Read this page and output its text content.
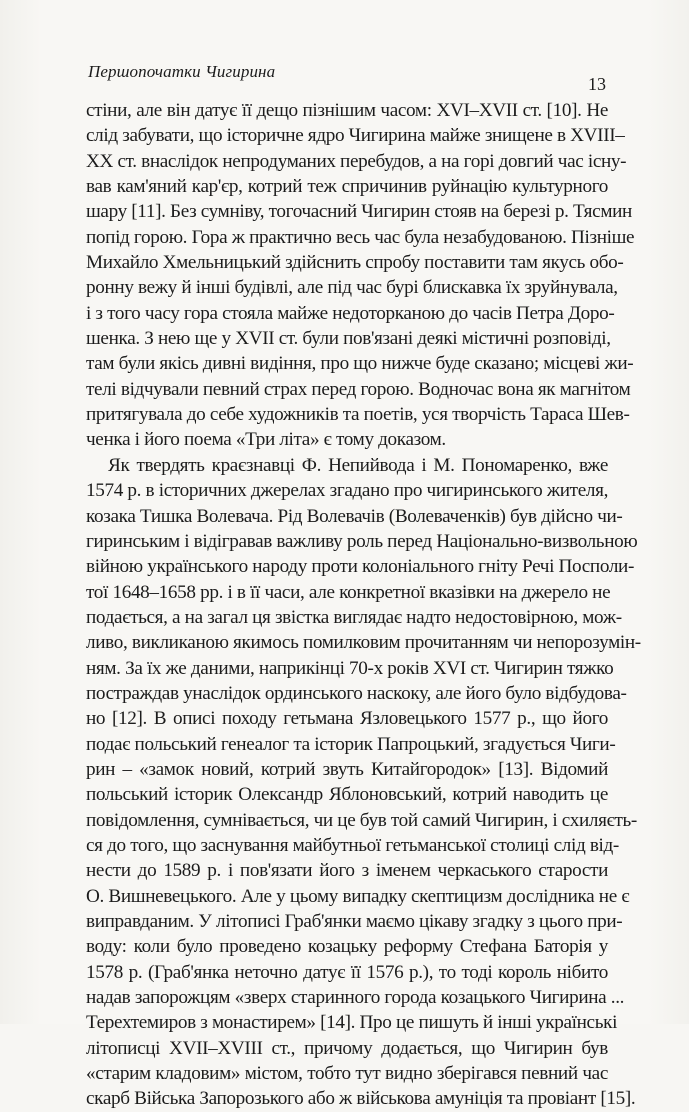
Першопочатки Чигирина
13
стіни, але він датує її дещо пізнішим часом: XVI–XVII ст. [10]. Не
слід забувати, що історичне ядро Чигирина майже знищене в XVIII–
XX ст. внаслідок непродуманих перебудов, а на горі довгий час існу-
вав кам'яний кар'єр, котрий теж спричинив руйнацію культурного
шару [11]. Без сумніву, тогочасний Чигирин стояв на березі р. Тясмин
попід горою. Гора ж практично весь час була незабудованою. Пізніше
Михайло Хмельницький здійснить спробу поставити там якусь обо-
ронну вежу й інші будівлі, але під час бурі блискавка їх зруйнувала,
і з того часу гора стояла майже недоторканою до часів Петра Доро-
шенка. З нею ще у XVII ст. були пов'язані деякі містичні розповіді,
там були якісь дивні видіння, про що нижче буде сказано; місцеві жи-
телі відчували певний страх перед горою. Водночас вона як магнітом
притягувала до себе художників та поетів, уся творчість Тараса Шев-
ченка і його поема «Три літа» є тому доказом.
Як твердять краєзнавці Ф. Непийвода і М. Пономаренко, вже
1574 р. в історичних джерелах згадано про чигиринського жителя,
козака Тишка Волевача. Рід Волевачів (Волеваченків) був дійсно чи-
гиринським і відігравав важливу роль перед Національно-визвольною
війною українського народу проти колоніального гніту Речі Посполи-
тої 1648–1658 рр. і в її часи, але конкретної вказівки на джерело не
подається, а на загал ця звістка виглядає надто недостовірною, мож-
ливо, викликаною якимось помилковим прочитанням чи непорозумін-
ням. За їх же даними, наприкінці 70-х років XVI ст. Чигирин тяжко
постраждав унаслідок ординського наскоку, але його було відбудова-
но [12]. В описі походу гетьмана Язловецького 1577 р., що його
подає польський генеалог та історик Папроцький, згадується Чиги-
рин – «замок новий, котрий звуть Китайгородок» [13]. Відомий
польський історик Олександр Яблоновський, котрий наводить це
повідомлення, сумнівається, чи це був той самий Чигирин, і схиляєть-
ся до того, що заснування майбутньої гетьманської столиці слід від-
нести до 1589 р. і пов'язати його з іменем черкаського старости
О. Вишневецького. Але у цьому випадку скептицизм дослідника не є
виправданим. У літописі Граб'янки маємо цікаву згадку з цього при-
воду: коли було проведено козацьку реформу Стефана Баторія у
1578 р. (Граб'янка неточно датує її 1576 р.), то тоді король нібито
надав запорожцям «зверх старинного города козацького Чигирина ...
Терехтемиров з монастирем» [14]. Про це пишуть й інші українські
літописці XVII–XVIII ст., причому додається, що Чигирин був
«старим кладовим» містом, тобто тут видно зберігався певний час
скарб Війська Запорозького або ж військова амуніція та провіант [15].
